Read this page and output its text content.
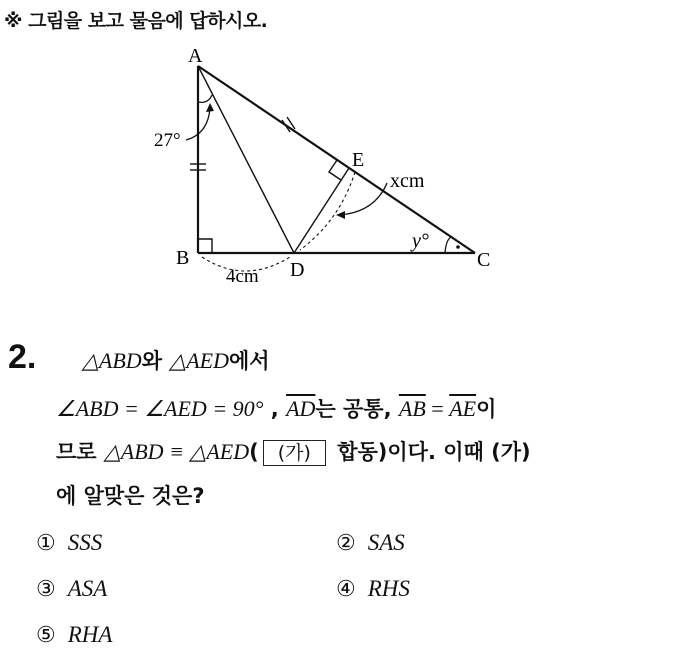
※ 그림을 보고 물음에 답하시오.
A
B	C
D
E
27°
y°
4cm
xcm
2. △ABD와 △AED에서
∠ABD = ∠AED = 90° , $\overline{AD}$는 공통, $\overline{AB} = \overline{AE}$이
므로 △ABD ≡ △AED( (가) 합동)이다. 이때 (가)
에 알맞은 것은?
① SSS	② SAS
③ ASA	④ RHS
⑤ RHA
